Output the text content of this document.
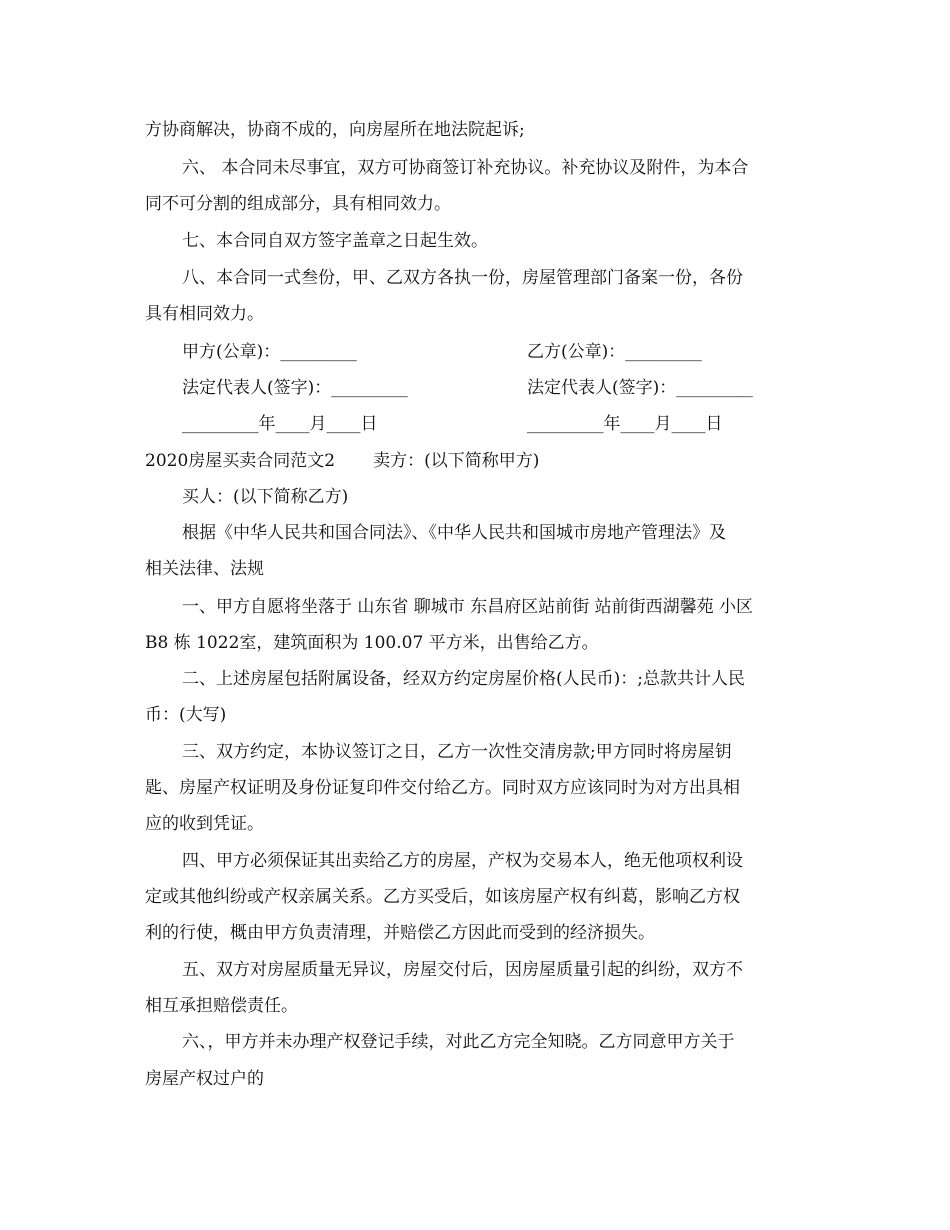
方协商解决，协商不成的，向房屋所在地法院起诉;
六、 本合同未尽事宜，双方可协商签订补充协议。补充协议及附件，为本合
同不可分割的组成部分，具有相同效力。
七、本合同自双方签字盖章之日起生效。
八、本合同一式叁份，甲、乙双方各执一份，房屋管理部门备案一份，各份
具有相同效力。
甲方(公章)：_________	乙方(公章)：_________
法定代表人(签字)：_________	法定代表人(签字)：_________
_________年____月____日	_________年____月____日
2020房屋买卖合同范文2 卖方：(以下简称甲方)
买人：(以下简称乙方)
根据《中华人民共和国合同法》、《中华人民共和国城市房地产管理法》及
相关法律、法规
一、甲方自愿将坐落于 山东省 聊城市 东昌府区站前街 站前街西湖馨苑 小区
B8 栋 1022室，建筑面积为 100.07 平方米，出售给乙方。
二、上述房屋包括附属设备，经双方约定房屋价格(人民币)：;总款共计人民
币：(大写)
三、双方约定，本协议签订之日，乙方一次性交清房款;甲方同时将房屋钥
匙、房屋产权证明及身份证复印件交付给乙方。同时双方应该同时为对方出具相
应的收到凭证。
四、甲方必须保证其出卖给乙方的房屋，产权为交易本人，绝无他项权利设
定或其他纠纷或产权亲属关系。乙方买受后，如该房屋产权有纠葛，影响乙方权
利的行使，概由甲方负责清理，并赔偿乙方因此而受到的经济损失。
五、双方对房屋质量无异议，房屋交付后，因房屋质量引起的纠纷，双方不
相互承担赔偿责任。
六、，甲方并未办理产权登记手续，对此乙方完全知晓。乙方同意甲方关于
房屋产权过户的
